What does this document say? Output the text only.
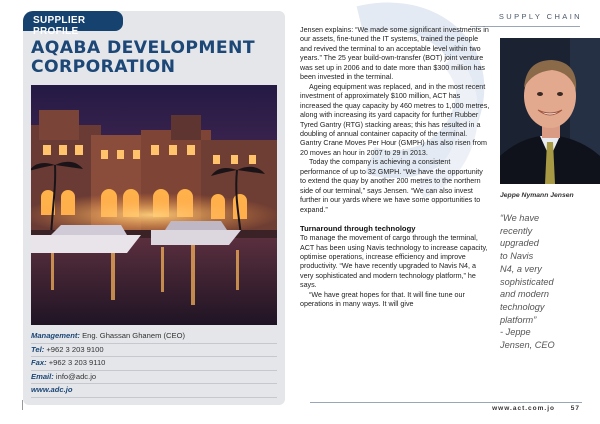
SUPPLY CHAIN
SUPPLIER PROFILE
AQABA DEVELOPMENT
CORPORATION
Management: Eng. Ghassan Ghanem (CEO)
Tel: +962 3 203 9100
Fax: +962 3 203 9110
Email: info@adc.jo
www.adc.jo

Jensen explains: “We made some significant investments in our assets, fine-tuned the IT systems, trained the people and revived the terminal to an acceptable level within two years.” The 25 year build-own-transfer (BOT) joint venture was set up in 2006 and to date more than $300 million has been invested in the terminal.

Ageing equipment was replaced, and in the most recent investment of approximately $100 million, ACT has increased the quay capacity by 460 metres to 1,000 metres, along with increasing its yard capacity for further Rubber Tyred Gantry (RTG) stacking areas; this has resulted in a doubling of annual container capacity of the terminal. Gantry Crane Moves Per Hour (GMPH) has also risen from 20 moves an hour in 2007 to 29 in 2013.

Today the company is achieving a consistent performance of up to 32 GMPH. “We have the opportunity to extend the quay by another 200 metres to the northern side of our terminal,” says Jensen. “We can also invest further in our yards where we have some opportunities to expand.”

Turnaround through technology

To manage the movement of cargo through the terminal, ACT has been using Navis technology to increase capacity, optimise operations, increase efficiency and improve productivity. “We have recently upgraded to Navis N4, a very sophisticated and modern technology platform,” he says.

“We have great hopes for that. It will fine tune our operations in many ways. It will give

Jeppe Nymann Jensen
“We have
recently
upgraded
to Navis
N4, a very
sophisticated
and modern
technology
platform”
- Jeppe
Jensen, CEO
www.act.com.jo	57
